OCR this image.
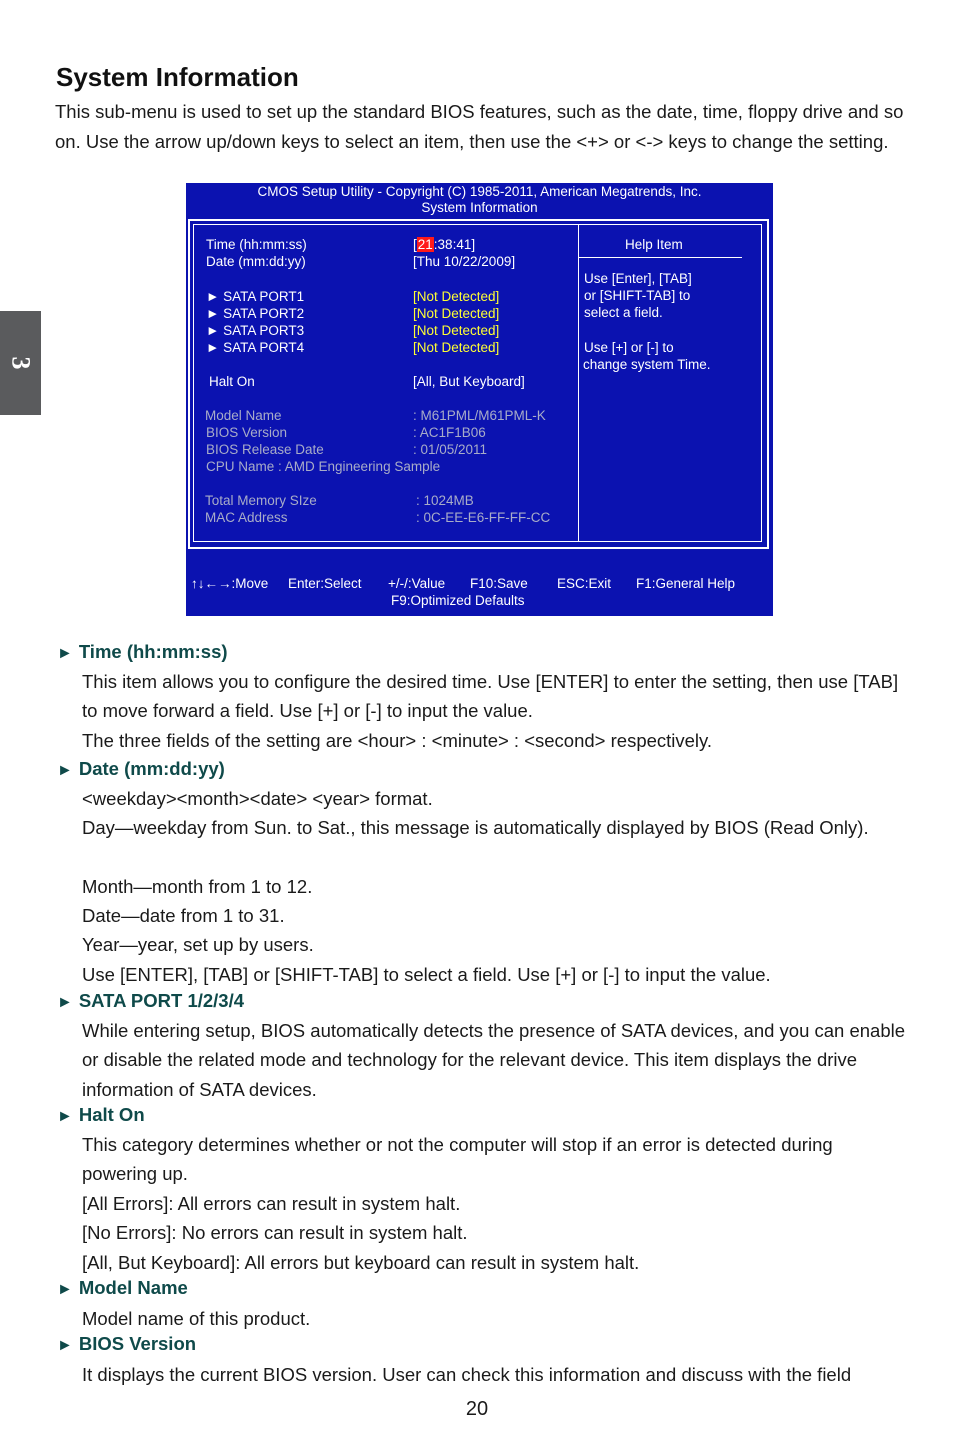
3
System Information

This sub-menu is used to set up the standard BIOS features, such as the date, time, floppy drive and so on. Use the arrow up/down keys to select an item, then use the <+> or <-> keys to change the setting.

CMOS Setup Utility - Copyright (C) 1985-2011, American Megatrends, Inc.
System Information
Time (hh:mm:ss)	[21:38:41]
Date (mm:dd:yy)	[Thu 10/22/2009]
► SATA PORT1	[Not Detected]
► SATA PORT2	[Not Detected]
► SATA PORT3	[Not Detected]
► SATA PORT4	[Not Detected]
Halt On	[All, But Keyboard]
Model Name	: M61PML/M61PML-K
BIOS Version	: AC1F1B06
BIOS Release Date	: 01/05/2011
CPU Name : AMD Engineering Sample
Total Memory SIze	: 1024MB
MAC Address	: 0C-EE-E6-FF-FF-CC
Help Item
Use [Enter], [TAB]
or [SHIFT-TAB] to
select a field.
Use [+] or [-] to
change system Time.
↑↓←→:Move Enter:Select +/-/:Value F10:Save ESC:Exit F1:General Help
F9:Optimized Defaults
► Time (hh:mm:ss)

This item allows you to configure the desired time. Use [ENTER] to enter the setting, then use [TAB] to move forward a field. Use [+] or [-] to input the value.

The three fields of the setting are <hour> : <minute> : <second> respectively.

► Date (mm:dd:yy)

<weekday><month><date> <year> format.

Day—weekday from Sun. to Sat., this message is automatically displayed by BIOS (Read Only).

Month—month from 1 to 12.

Date—date from 1 to 31.

Year—year, set up by users.

Use [ENTER], [TAB] or [SHIFT-TAB] to select a field. Use [+] or [-] to input the value.

► SATA PORT 1/2/3/4

While entering setup, BIOS automatically detects the presence of SATA devices, and you can enable or disable the related mode and technology for the relevant device. This item displays the drive information of SATA devices.

► Halt On

This category determines whether or not the computer will stop if an error is detected during powering up.

[All Errors]: All errors can result in system halt.

[No Errors]: No errors can result in system halt.

[All, But Keyboard]: All errors but keyboard can result in system halt.

► Model Name

Model name of this product.

► BIOS Version

It displays the current BIOS version. User can check this information and discuss with the field

20
